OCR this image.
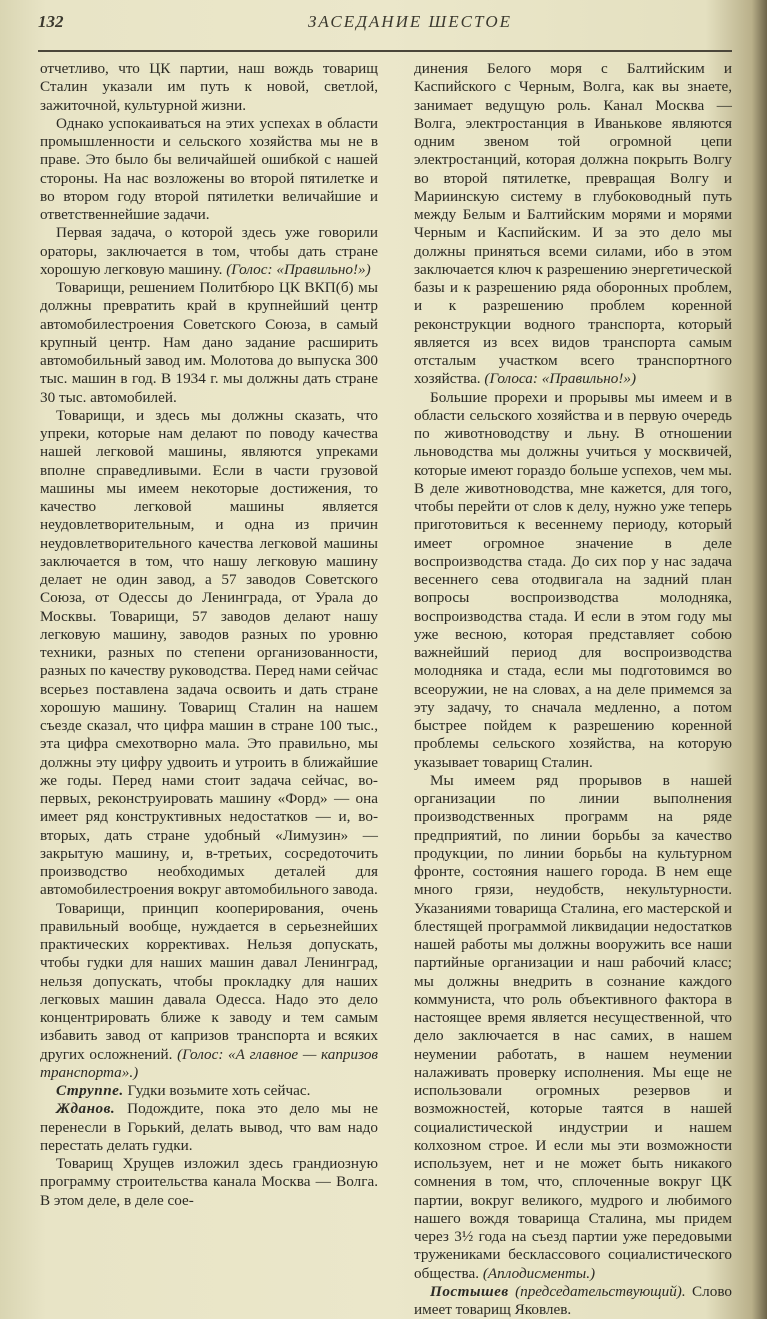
132	ЗАСЕДАНИЕ ШЕСТОЕ

отчетливо, что ЦК партии, наш вождь товарищ Сталин указали им путь к новой, светлой, зажиточной, культурной жизни.

Однако успокаиваться на этих успехах в области промышленности и сельского хозяйства мы не в праве. Это было бы величайшей ошибкой с нашей стороны. На нас возложены во второй пятилетке и во втором году второй пятилетки величайшие и ответственнейшие задачи.

Первая задача, о которой здесь уже говорили ораторы, заключается в том, чтобы дать стране хорошую легковую машину. (Голос: «Правильно!»)

Товарищи, решением Политбюро ЦК ВКП(б) мы должны превратить край в крупнейший центр автомобилестроения Советского Союза, в самый крупный центр. Нам дано задание расширить автомобильный завод им. Молотова до выпуска 300 тыс. машин в год. В 1934 г. мы должны дать стране 30 тыс. автомобилей.

Товарищи, и здесь мы должны сказать, что упреки, которые нам делают по поводу качества нашей легковой машины, являются упреками вполне справедливыми. Если в части грузовой машины мы имеем некоторые достижения, то качество легковой машины является неудовлетворительным, и одна из причин неудовлетворительного качества легковой машины заключается в том, что нашу легковую машину делает не один завод, а 57 заводов Советского Союза, от Одессы до Ленинграда, от Урала до Москвы. Товарищи, 57 заводов делают нашу легковую машину, заводов разных по уровню техники, разных по степени организованности, разных по качеству руководства. Перед нами сейчас всерьез поставлена задача освоить и дать стране хорошую машину. Товарищ Сталин на нашем съезде сказал, что цифра машин в стране 100 тыс., эта цифра смехотворно мала. Это правильно, мы должны эту цифру удвоить и утроить в ближайшие же годы. Перед нами стоит задача сейчас, во-первых, реконструировать машину «Форд» — она имеет ряд конструктивных недостатков — и, во-вторых, дать стране удобный «Лимузин» — закрытую машину, и, в-третьих, сосредоточить производство необходимых деталей для автомобилестроения вокруг автомобильного завода.

Товарищи, принцип кооперирования, очень правильный вообще, нуждается в серьезнейших практических коррективах. Нельзя допускать, чтобы гудки для наших машин давал Ленинград, нельзя допускать, чтобы прокладку для наших легковых машин давала Одесса. Надо это дело концентрировать ближе к заводу и тем самым избавить завод от капризов транспорта и всяких других осложнений. (Голос: «А главное — капризов транспорта».)

Струппе. Гудки возьмите хоть сейчас.

Жданов. Подождите, пока это дело мы не перенесли в Горький, делать вывод, что вам надо перестать делать гудки.

Товарищ Хрущев изложил здесь грандиозную программу строительства канала Москва — Волга. В этом деле, в деле сое-

динения Белого моря с Балтийским и Каспийского с Черным, Волга, как вы знаете, занимает ведущую роль. Канал Москва — Волга, электростанция в Иванькове являются одним звеном той огромной цепи электростанций, которая должна покрыть Волгу во второй пятилетке, превращая Волгу и Мариинскую систему в глубоководный путь между Белым и Балтийским морями и морями Черным и Каспийским. И за это дело мы должны приняться всеми силами, ибо в этом заключается ключ к разрешению энергетической базы и к разрешению ряда оборонных проблем, и к разрешению проблем коренной реконструкции водного транспорта, который является из всех видов транспорта самым отсталым участком всего транспортного хозяйства. (Голоса: «Правильно!»)

Большие прорехи и прорывы мы имеем и в области сельского хозяйства и в первую очередь по животноводству и льну. В отношении льноводства мы должны учиться у москвичей, которые имеют гораздо больше успехов, чем мы. В деле животноводства, мне кажется, для того, чтобы перейти от слов к делу, нужно уже теперь приготовиться к весеннему периоду, который имеет огромное значение в деле воспроизводства стада. До сих пор у нас задача весеннего сева отодвигала на задний план вопросы воспроизводства молодняка, воспроизводства стада. И если в этом году мы уже весною, которая представляет собою важнейший период для воспроизводства молодняка и стада, если мы подготовимся во всеоружии, не на словах, а на деле примемся за эту задачу, то сначала медленно, а потом быстрее пойдем к разрешению коренной проблемы сельского хозяйства, на которую указывает товарищ Сталин.

Мы имеем ряд прорывов в нашей организации по линии выполнения производственных программ на ряде предприятий, по линии борьбы за качество продукции, по линии борьбы на культурном фронте, состояния нашего города. В нем еще много грязи, неудобств, некультурности. Указаниями товарища Сталина, его мастерской и блестящей программой ликвидации недостатков нашей работы мы должны вооружить все наши партийные организации и наш рабочий класс; мы должны внедрить в сознание каждого коммуниста, что роль объективного фактора в настоящее время является несущественной, что дело заключается в нас самих, в нашем неумении работать, в нашем неумении налаживать проверку исполнения. Мы еще не использовали огромных резервов и возможностей, которые таятся в нашей социалистической индустрии и нашем колхозном строе. И если мы эти возможности используем, нет и не может быть никакого сомнения в том, что, сплоченные вокруг ЦК партии, вокруг великого, мудрого и любимого нашего вождя товарища Сталина, мы придем через 3½ года на съезд партии уже передовыми тружениками бесклассового социалистического общества. (Аплодисменты.)

Постышев (председательствующий). Слово имеет товарищ Яковлев.
